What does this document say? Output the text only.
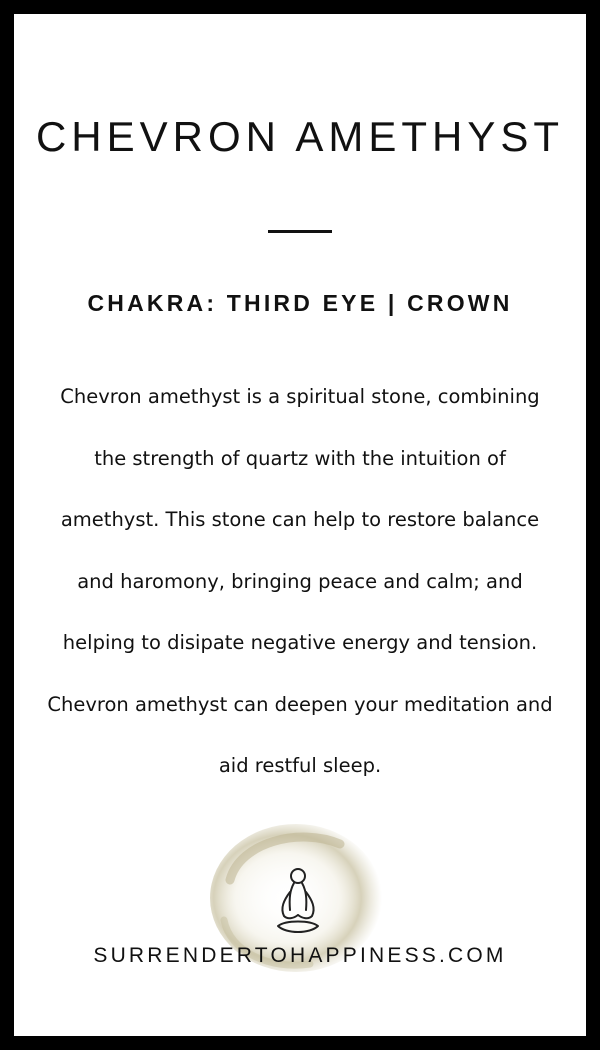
CHEVRON AMETHYST
CHAKRA: THIRD EYE | CROWN

Chevron amethyst is a spiritual stone, combining the strength of quartz with the intuition of amethyst. This stone can help to restore balance and haromony, bringing peace and calm; and helping to disipate negative energy and tension. Chevron amethyst can deepen your meditation and aid restful sleep.

SURRENDERTOHAPPINESS.COM
